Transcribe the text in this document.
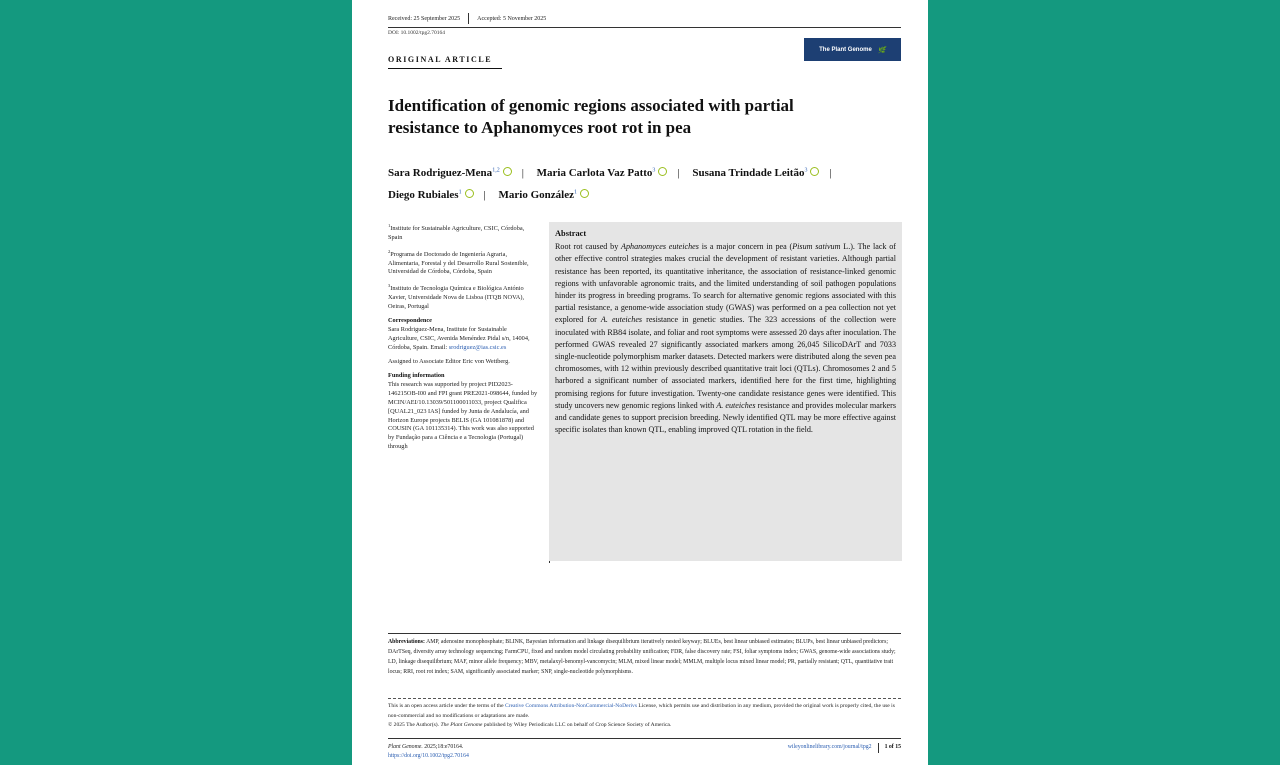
Received: 25 September 2025	Accepted: 5 November 2025
DOI: 10.1002/tpg2.70164
The Plant Genome 🌿
ORIGINAL ARTICLE
Identification of genomic regions associated with partial resistance to Aphanomyces root rot in pea
Sara Rodriguez-Mena$^{1,2}$ | Maria Carlota Vaz Patto$^3$ | Susana Trindade Leitão$^3$ |
Diego Rubiales$^1$ | Mario González$^1$

$^1$Institute for Sustainable Agriculture, CSIC, Córdoba, Spain

$^2$Programa de Doctorado de Ingeniería Agraria, Alimentaria, Forestal y del Desarrollo Rural Sostenible, Universidad de Córdoba, Córdoba, Spain

$^3$Instituto de Tecnologia Química e Biológica António Xavier, Universidade Nova de Lisboa (ITQB NOVA), Oeiras, Portugal

Correspondence

Sara Rodriguez-Mena, Institute for Sustainable Agriculture, CSIC, Avenida Menéndez Pidal s/n, 14004, Córdoba, Spain. Email: srodriguez@ias.csic.es

Assigned to Associate Editor Eric von Wettberg.

Funding information

This research was supported by project PID2023-146215OB-I00 and FPI grant PRE2021-098644, funded by MCIN/AEI/10.13039/501100011033, project Qualifica [QUAL21_023 IAS] funded by Junta de Andalucía, and Horizon Europe projects BELIS (GA 101081878) and COUSIN (GA 101135314). This work was also supported by Fundação para a Ciência e a Tecnologia (Portugal) through

Abstract
Root rot caused by Aphanomyces euteiches is a major concern in pea (Pisum sativum L.). The lack of other effective control strategies makes crucial the development of resistant varieties. Although partial resistance has been reported, its quantitative inheritance, the association of resistance-linked genomic regions with unfavorable agronomic traits, and the limited understanding of soil pathogen populations hinder its progress in breeding programs. To search for alternative genomic regions associated with this partial resistance, a genome-wide association study (GWAS) was performed on a pea collection not yet explored for A. euteiches resistance in genetic studies. The 323 accessions of the collection were inoculated with RB84 isolate, and foliar and root symptoms were assessed 20 days after inoculation. The performed GWAS revealed 27 significantly associated markers among 26,045 SilicoDArT and 7033 single-nucleotide polymorphism marker datasets. Detected markers were distributed along the seven pea chromosomes, with 12 within previously described quantitative trait loci (QTLs). Chromosomes 2 and 5 harbored a significant number of associated markers, identified here for the first time, highlighting promising regions for future investigation. Twenty-one candidate resistance genes were identified. This study uncovers new genomic regions linked with A. euteiches resistance and provides molecular markers and candidate genes to support precision breeding. Newly identified QTL may be more effective against specific isolates than known QTL, enabling improved QTL rotation in the field.
Abbreviations: AMP, adenosine monophosphate; BLINK, Bayesian information and linkage disequilibrium iteratively nested keyway; BLUEs, best linear unbiased estimates; BLUPs, best linear unbiased predictors; DArTSeq, diversity array technology sequencing; FarmCPU, fixed and random model circulating probability unification; FDR, false discovery rate; FSI, foliar symptoms index; GWAS, genome-wide associations study; LD, linkage disequilibrium; MAF, minor allele frequency; MBV, metalaxyl-benomyl-vancomycin; MLM, mixed linear model; MMLM, multiple locus mixed linear model; PR, partially resistant; QTL, quantitative trait locus; RRI, root rot index; SAM, significantly associated marker; SNP, single-nucleotide polymorphisms.
This is an open access article under the terms of the Creative Commons Attribution-NonCommercial-NoDerivs License, which permits use and distribution in any medium, provided the original work is properly cited, the use is non-commercial and no modifications or adaptations are made.
© 2025 The Author(s). The Plant Genome published by Wiley Periodicals LLC on behalf of Crop Science Society of America.
Plant Genome. 2025;18:e70164.
https://doi.org/10.1002/tpg2.70164
wileyonlinelibrary.com/journal/tpg2 1 of 15
